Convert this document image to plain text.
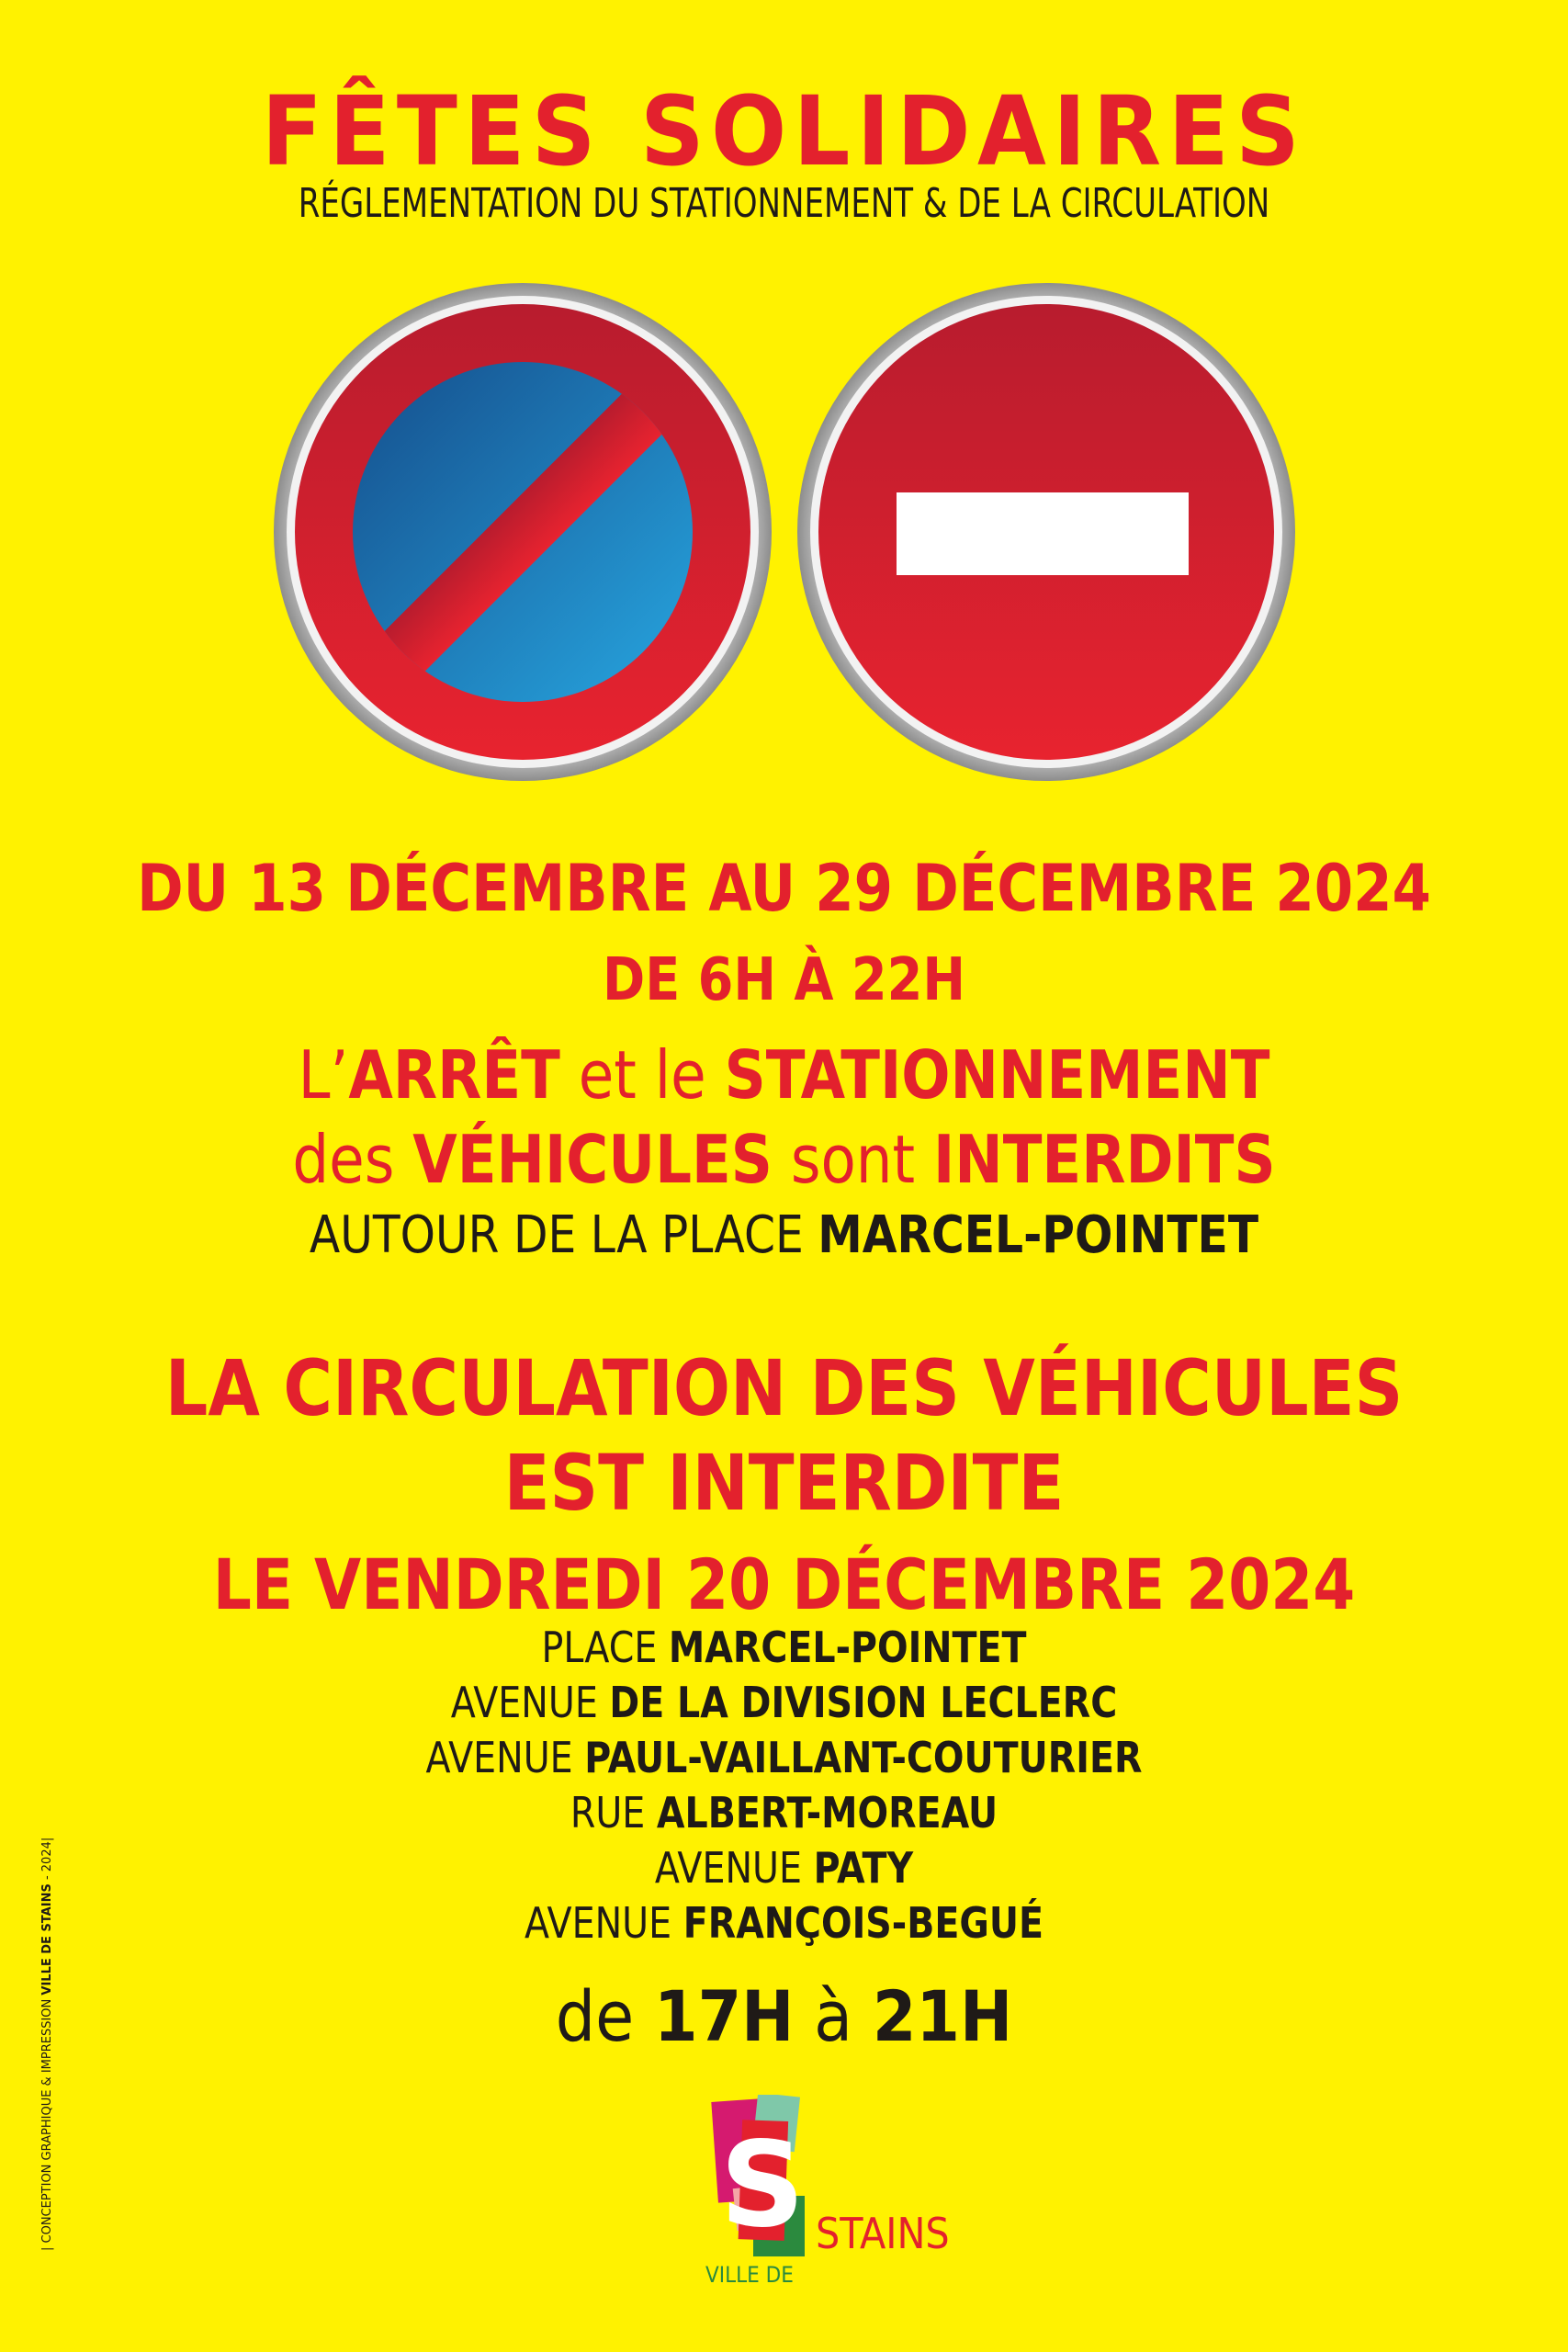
FÊTES SOLIDAIRES
RÉGLEMENTATION DU STATIONNEMENT & DE LA CIRCULATION
DU 13 DÉCEMBRE AU 29 DÉCEMBRE 2024
DE 6H À 22H
L’ARRÊT et le STATIONNEMENT
des VÉHICULES sont INTERDITS
AUTOUR DE LA PLACE MARCEL-POINTET
LA CIRCULATION DES VÉHICULES
EST INTERDITE
LE VENDREDI 20 DÉCEMBRE 2024
PLACE MARCEL-POINTET
AVENUE DE LA DIVISION LECLERC
AVENUE PAUL-VAILLANT-COUTURIER
RUE ALBERT-MOREAU
AVENUE PATY
AVENUE FRANÇOIS-BEGUÉ
de 17H à 21H
| CONCEPTION GRAPHIQUE & IMPRESSION VILLE DE STAINS - 2024|
S STAINS
VILLE DE
